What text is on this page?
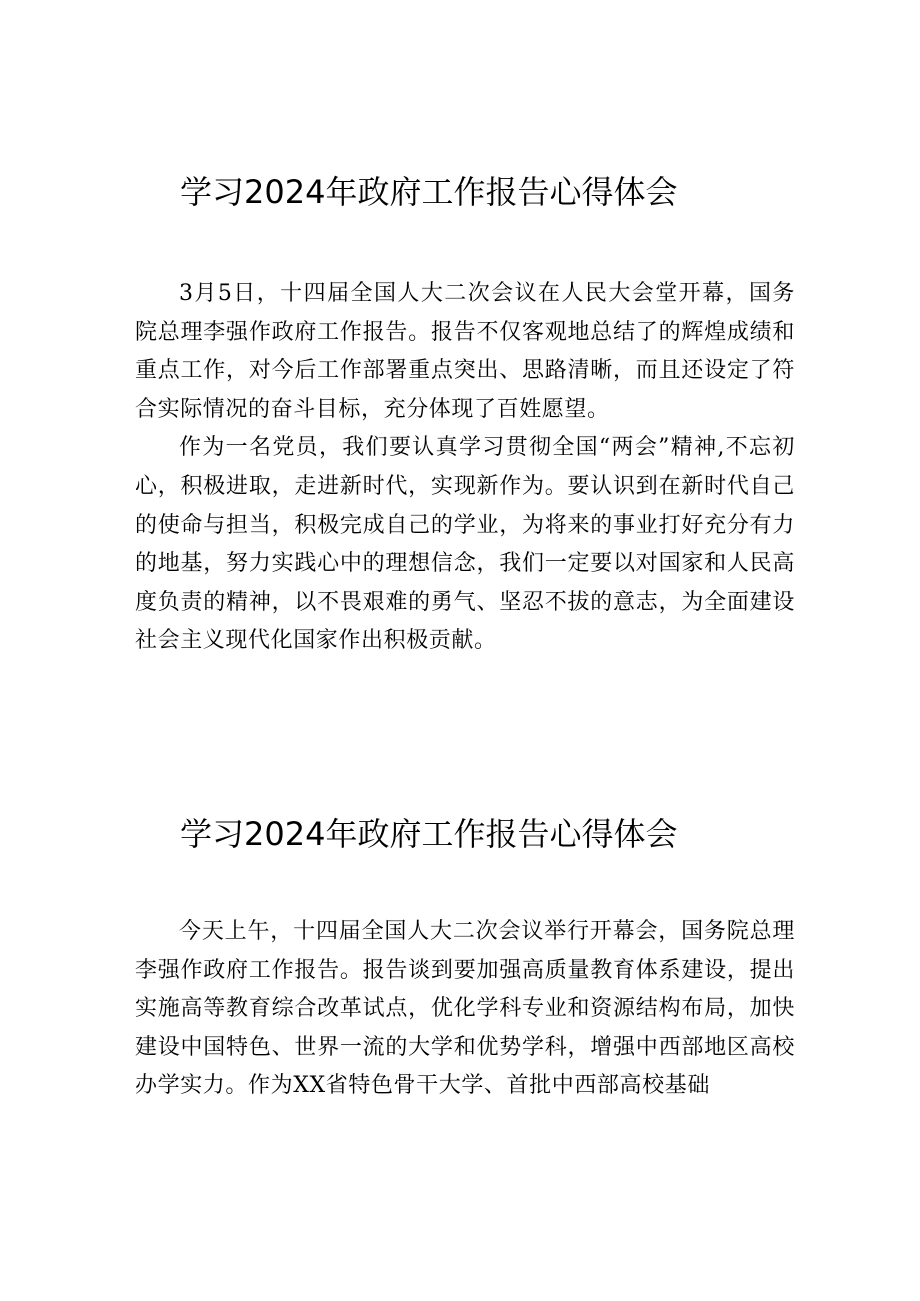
学习2024年政府工作报告心得体会

3月5日，十四届全国人大二次会议在人民大会堂开幕，国务院总理李强作政府工作报告。报告不仅客观地总结了的辉煌成绩和重点工作，对今后工作部署重点突出、思路清晰，而且还设定了符合实际情况的奋斗目标，充分体现了百姓愿望。

作为一名党员，我们要认真学习贯彻全国“两会”精神,不忘初心，积极进取，走进新时代，实现新作为。要认识到在新时代自己的使命与担当，积极完成自己的学业，为将来的事业打好充分有力的地基，努力实践心中的理想信念，我们一定要以对国家和人民高度负责的精神，以不畏艰难的勇气、坚忍不拔的意志，为全面建设社会主义现代化国家作出积极贡献。

学习2024年政府工作报告心得体会

今天上午，十四届全国人大二次会议举行开幕会，国务院总理李强作政府工作报告。报告谈到要加强高质量教育体系建设，提出实施高等教育综合改革试点，优化学科专业和资源结构布局，加快建设中国特色、世界一流的大学和优势学科，增强中西部地区高校办学实力。作为XX省特色骨干大学、首批中西部高校基础
